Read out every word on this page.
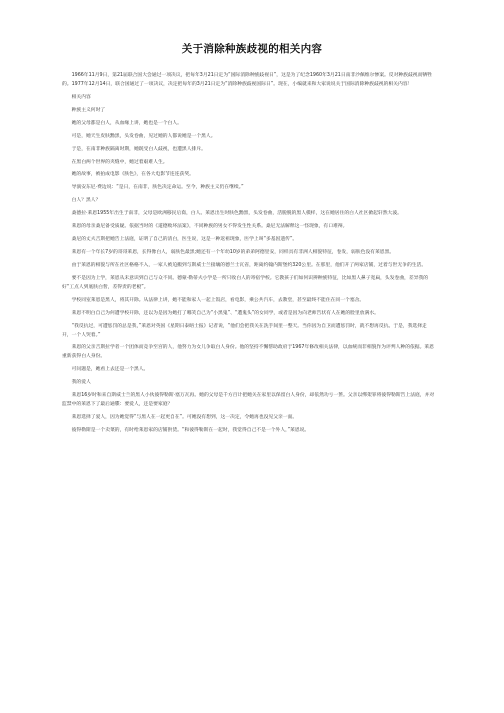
关于消除种族歧视的相关内容

1966年11月9日，第21届联合国大会通过一项决议，把每年3月21日定为“国际消除种族歧视日”，这是为了纪念1960年3月21日南非沙佩维尔惨案。反对种族歧视而牺牲的。1977年12月14日，联合国通过了一项决议，决定把每年的3月21日定为“消除种族歧视国际日”。现在，小编就来和大家说说关于国际消除种族歧视的相关内容！

相关内容

种族主义何时了

她的父母都是白人，从血缘上讲，她也是一个白人。

可是，她天生皮肤黝黑，头发卷曲，见过她的人都说她是一个黑人。

于是，在南非种族隔离时期，她既受白人歧视，也遭黑人排斥。

在黑白两个世界的夹缝中，她过着艰难人生。

她的故事，被拍成电影《肤色》，在各大电影节连连获奖。

导演安东尼·费边说：“是日，在南非，肤色决定命运。至今，种族主义仍在继续。”

白人？黑人？

桑德拉·莱恩1955年出生于南非，父母是欧洲移民后裔，白人。莱恩出生时肤色黝黑，头发卷曲，活脱脱的黑人模样，这在她居住的白人社区掀起轩然大波。

莱恩的母亲桑尼备受质疑。依据当时的《道德败坏法案》，不同种族的男女不得发生性关系。桑尼无法解释这一怪现象，有口难辩。

桑尼的丈夫吉斯把她告上法庭，证明了自己的清白，医生说，这是一种返祖现象，医学上叫“多基因遗传”。

莱恩有一个年长7岁的哥哥莱恩，长得像白人，弱肤色最黑;她还有一个年幼10岁的弟弟阿德里安，同样具有非洲人相貌特征，卷发，弱肤色没有莱恩黑。

由于莱恩的相貌与所在社区格格不入，一家人被迫搬到与斯威士兰接壤的德兰士瓦省，距离约翰内斯堡约320公里。在那里，他们开了两家店铺，过着与世无争的生活。

要不是因为上学，莱恩从未意识到自己与众不同。德蒙·勒蒂夫小学是一所只收白人的寄宿学校。它教孩子们如何识辨种族特征，比如黑人鼻子宽扁，头发卷曲，差异我的好“工点人到底肤白皙，差得责的老板”。

学校同室莱恩是黑人，将其开除。从法律上讲，她不能和家人一起上饭店，看电影，乘公共汽车，去教堂，甚至最终不能住在同一个塞舍。

莱恩不明白自己为何遭学校开除，还以为是因为她打了哪笑自己为“小黑鬼”、“遭鬼头”的女同学，或者是因为向老师告状有人在她的脸里放满水。

“我反抗过，可遭惩罚的总是我，”莱恩对英国《星期日泰晤士报》记者说，“他们会把我关在洗手间里一整天。当你因为自卫而遭惩罚时，就不想再反抗。于是，我选择走开，一个人哭着。”

莱恩的父亲吉斯拉学者一个团体而竞争至宫的人，他努力为女儿争取白人身份。他的坚持不懈帮助政府于1967年修改相关法律，以血统而非相貌作为评判人种的依据。莱恩重新获得白人身份。

可问题是，她看上去还是一个黑人。

我的爱人

莱恩16岁时和来自斯威士兰的黑人小伙彼得勒斯·塞万瓦再。她的父母是千方百计把她关在家里以保留白人身份，却依然功亏一篑。父亲以绑架罪将彼得勒斯告上法庭，并对监禁中的莱恩下了最后通牒：要爱人，还是要家庭？

莱恩选择了爱人，因为她觉得“与黑人在一起更自在”。可她没有想到，这一决定，令她再也没见父亲一面。

彼得勒斯是一个卖菜的，有时给莱恩家的店铺供货。“和彼得勒斯在一起时，我觉得自己不是一个外人，”莱恩说。
